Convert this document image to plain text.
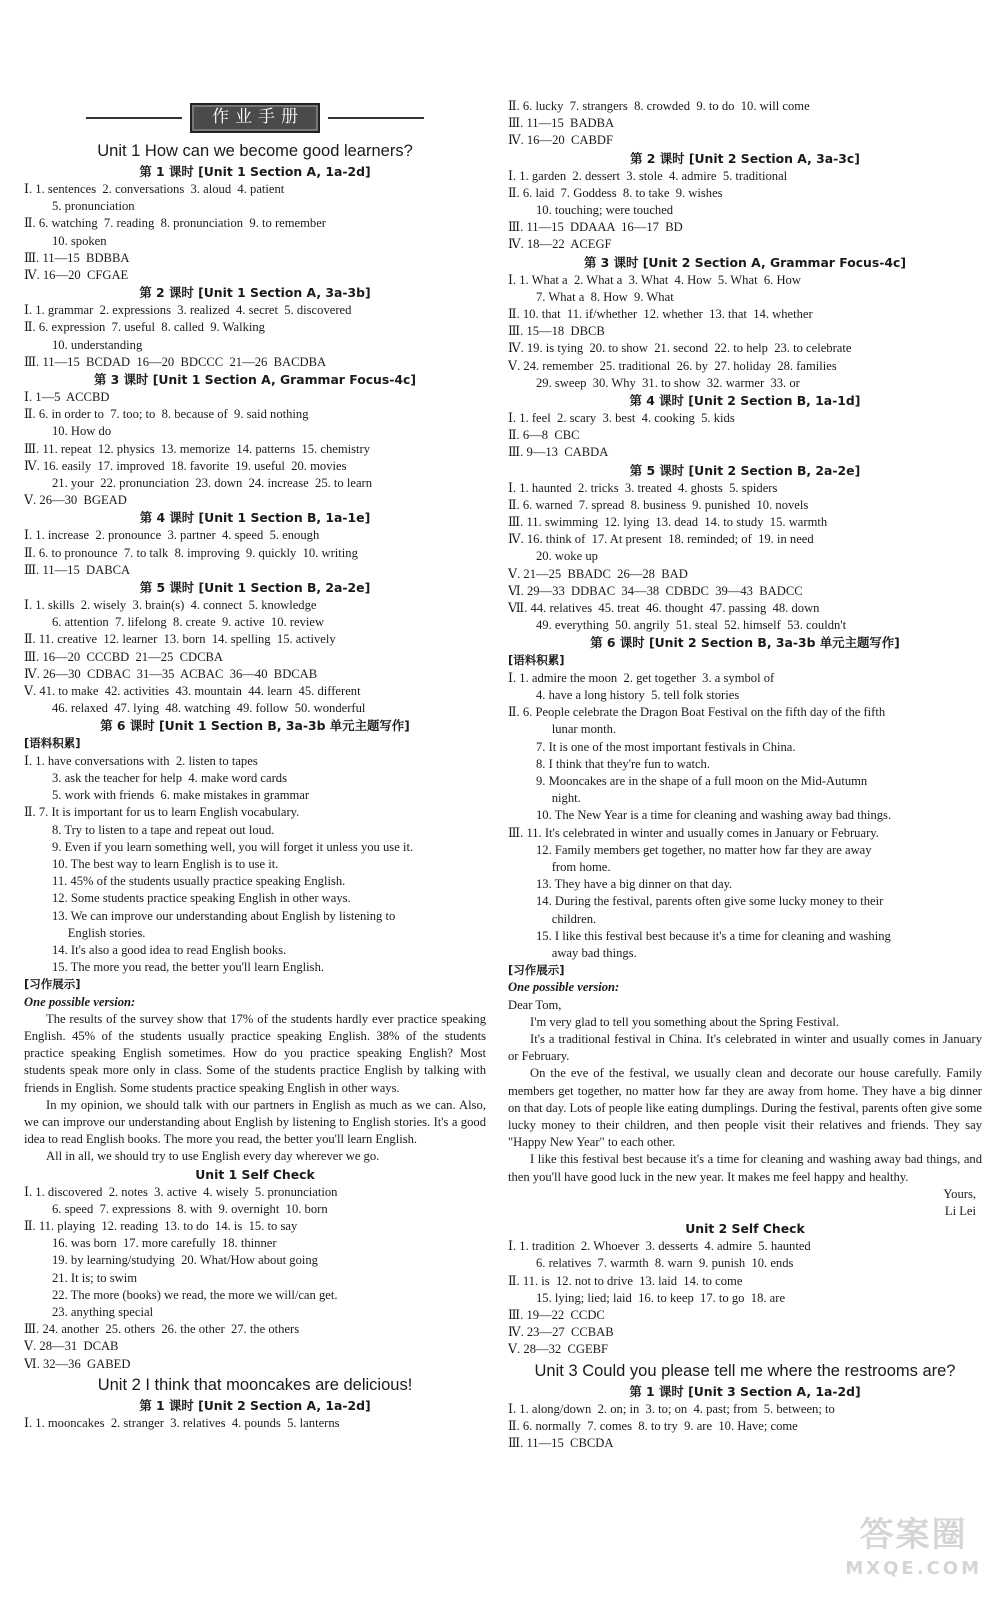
作业手册
Unit 1 How can we become good learners?
第 1 课时 [Unit 1 Section A, 1a-2d]
Ⅰ. 1. sentences  2. conversations  3. aloud  4. patient
5. pronunciation
Ⅱ. 6. watching  7. reading  8. pronunciation  9. to remember
10. spoken
Ⅲ. 11—15  BDBBA
Ⅳ. 16—20  CFGAE
第 2 课时 [Unit 1 Section A, 3a-3b]
Ⅰ. 1. grammar  2. expressions  3. realized  4. secret  5. discovered
Ⅱ. 6. expression  7. useful  8. called  9. Walking
10. understanding
Ⅲ. 11—15  BCDAD  16—20  BDCCC  21—26  BACDBA
第 3 课时 [Unit 1 Section A, Grammar Focus-4c]
Ⅰ. 1—5  ACCBD
Ⅱ. 6. in order to  7. too; to  8. because of  9. said nothing
10. How do
Ⅲ. 11. repeat  12. physics  13. memorize  14. patterns  15. chemistry
Ⅳ. 16. easily  17. improved  18. favorite  19. useful  20. movies
21. your  22. pronunciation  23. down  24. increase  25. to learn
Ⅴ. 26—30  BGEAD
第 4 课时 [Unit 1 Section B, 1a-1e]
Ⅰ. 1. increase  2. pronounce  3. partner  4. speed  5. enough
Ⅱ. 6. to pronounce  7. to talk  8. improving  9. quickly  10. writing
Ⅲ. 11—15  DABCA
第 5 课时 [Unit 1 Section B, 2a-2e]
Ⅰ. 1. skills  2. wisely  3. brain(s)  4. connect  5. knowledge
6. attention  7. lifelong  8. create  9. active  10. review
Ⅱ. 11. creative  12. learner  13. born  14. spelling  15. actively
Ⅲ. 16—20  CCCBD  21—25  CDCBA
Ⅳ. 26—30  CDBAC  31—35  ACBAC  36—40  BDCAB
Ⅴ. 41. to make  42. activities  43. mountain  44. learn  45. different
46. relaxed  47. lying  48. watching  49. follow  50. wonderful
第 6 课时 [Unit 1 Section B, 3a-3b 单元主题写作]
[语料积累]
Ⅰ. 1. have conversations with  2. listen to tapes
3. ask the teacher for help  4. make word cards
5. work with friends  6. make mistakes in grammar
Ⅱ. 7. It is important for us to learn English vocabulary.
8. Try to listen to a tape and repeat out loud.
9. Even if you learn something well, you will forget it unless you use it.
10. The best way to learn English is to use it.
11. 45% of the students usually practice speaking English.
12. Some students practice speaking English in other ways.
13. We can improve our understanding about English by listening to
English stories.
14. It's also a good idea to read English books.
15. The more you read, the better you'll learn English.
[习作展示]
One possible version:
The results of the survey show that 17% of the students hardly ever practice speaking English. 45% of the students usually practice speaking English. 38% of the students practice speaking English sometimes. How do you practice speaking English? Most students speak more only in class. Some of the students practice English by talking with friends in English. Some students practice speaking English in other ways.
In my opinion, we should talk with our partners in English as much as we can. Also, we can improve our understanding about English by listening to English stories. It's a good idea to read English books. The more you read, the better you'll learn English.
All in all, we should try to use English every day wherever we go.
Unit 1 Self Check
Ⅰ. 1. discovered  2. notes  3. active  4. wisely  5. pronunciation
6. speed  7. expressions  8. with  9. overnight  10. born
Ⅱ. 11. playing  12. reading  13. to do  14. is  15. to say
16. was born  17. more carefully  18. thinner
19. by learning/studying  20. What/How about going
21. It is; to swim
22. The more (books) we read, the more we will/can get.
23. anything special
Ⅲ. 24. another  25. others  26. the other  27. the others
Ⅴ. 28—31  DCAB
Ⅵ. 32—36  GABED
Unit 2 I think that mooncakes are delicious!
第 1 课时 [Unit 2 Section A, 1a-2d]
Ⅰ. 1. mooncakes  2. stranger  3. relatives  4. pounds  5. lanterns
Ⅱ. 6. lucky  7. strangers  8. crowded  9. to do  10. will come
Ⅲ. 11—15  BADBA
Ⅳ. 16—20  CABDF
第 2 课时 [Unit 2 Section A, 3a-3c]
Ⅰ. 1. garden  2. dessert  3. stole  4. admire  5. traditional
Ⅱ. 6. laid  7. Goddess  8. to take  9. wishes
10. touching; were touched
Ⅲ. 11—15  DDAAA  16—17  BD
Ⅳ. 18—22  ACEGF
第 3 课时 [Unit 2 Section A, Grammar Focus-4c]
Ⅰ. 1. What a  2. What a  3. What  4. How  5. What  6. How
7. What a  8. How  9. What
Ⅱ. 10. that  11. if/whether  12. whether  13. that  14. whether
Ⅲ. 15—18  DBCB
Ⅳ. 19. is tying  20. to show  21. second  22. to help  23. to celebrate
Ⅴ. 24. remember  25. traditional  26. by  27. holiday  28. families
29. sweep  30. Why  31. to show  32. warmer  33. or
第 4 课时 [Unit 2 Section B, 1a-1d]
Ⅰ. 1. feel  2. scary  3. best  4. cooking  5. kids
Ⅱ. 6—8  CBC
Ⅲ. 9—13  CABDA
第 5 课时 [Unit 2 Section B, 2a-2e]
Ⅰ. 1. haunted  2. tricks  3. treated  4. ghosts  5. spiders
Ⅱ. 6. warned  7. spread  8. business  9. punished  10. novels
Ⅲ. 11. swimming  12. lying  13. dead  14. to study  15. warmth
Ⅳ. 16. think of  17. At present  18. reminded; of  19. in need
20. woke up
Ⅴ. 21—25  BBADC  26—28  BAD
Ⅵ. 29—33  DDBAC  34—38  CDBDC  39—43  BADCC
Ⅶ. 44. relatives  45. treat  46. thought  47. passing  48. down
49. everything  50. angrily  51. steal  52. himself  53. couldn't
第 6 课时 [Unit 2 Section B, 3a-3b 单元主题写作]
[语料积累]
Ⅰ. 1. admire the moon  2. get together  3. a symbol of
4. have a long history  5. tell folk stories
Ⅱ. 6. People celebrate the Dragon Boat Festival on the fifth day of the fifth
lunar month.
7. It is one of the most important festivals in China.
8. I think that they're fun to watch.
9. Mooncakes are in the shape of a full moon on the Mid-Autumn
night.
10. The New Year is a time for cleaning and washing away bad things.
Ⅲ. 11. It's celebrated in winter and usually comes in January or February.
12. Family members get together, no matter how far they are away
from home.
13. They have a big dinner on that day.
14. During the festival, parents often give some lucky money to their
children.
15. I like this festival best because it's a time for cleaning and washing
away bad things.
[习作展示]
One possible version:
Dear Tom,
I'm very glad to tell you something about the Spring Festival.
It's a traditional festival in China. It's celebrated in winter and usually comes in January or February.
On the eve of the festival, we usually clean and decorate our house carefully. Family members get together, no matter how far they are away from home. They have a big dinner on that day. Lots of people like eating dumplings. During the festival, parents often give some lucky money to their children, and then people visit their relatives and friends. They say "Happy New Year" to each other.
I like this festival best because it's a time for cleaning and washing away bad things, and then you'll have good luck in the new year. It makes me feel happy and healthy.
Yours,
Li Lei
Unit 2 Self Check
Ⅰ. 1. tradition  2. Whoever  3. desserts  4. admire  5. haunted
6. relatives  7. warmth  8. warn  9. punish  10. ends
Ⅱ. 11. is  12. not to drive  13. laid  14. to come
15. lying; lied; laid  16. to keep  17. to go  18. are
Ⅲ. 19—22  CCDC
Ⅳ. 23—27  CCBAB
Ⅴ. 28—32  CGEBF
Unit 3 Could you please tell me where the restrooms are?
第 1 课时 [Unit 3 Section A, 1a-2d]
Ⅰ. 1. along/down  2. on; in  3. to; on  4. past; from  5. between; to
Ⅱ. 6. normally  7. comes  8. to try  9. are  10. Have; come
Ⅲ. 11—15  CBCDA
答案圈
MXQE.COM
